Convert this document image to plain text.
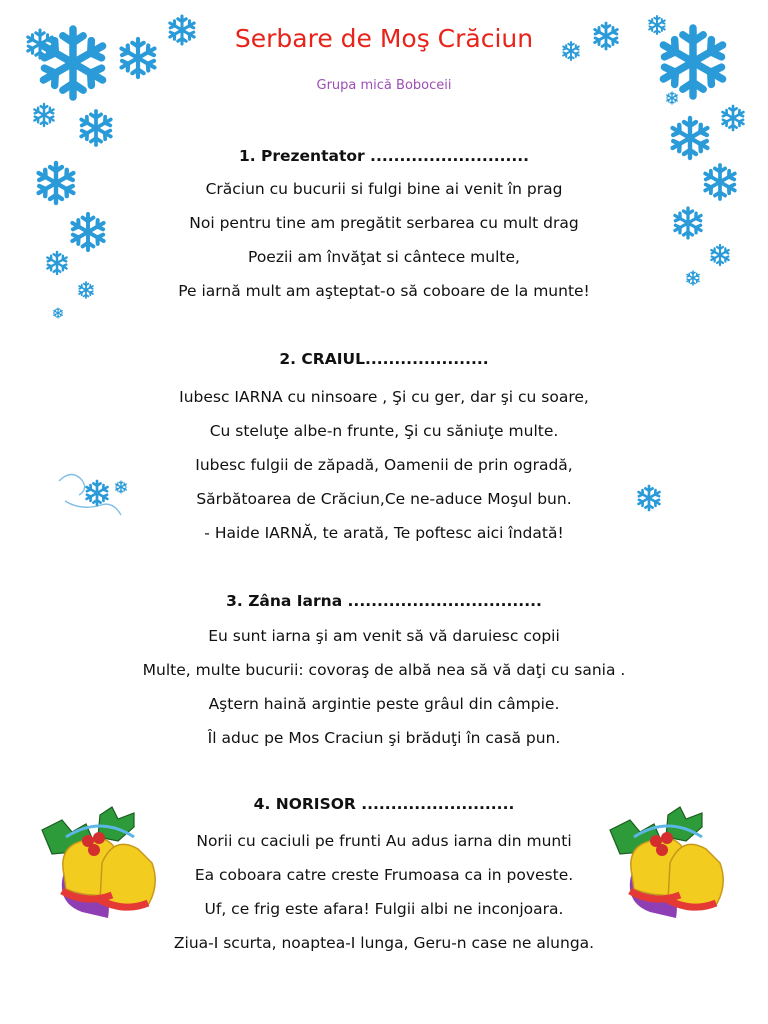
Serbare de Moş Crăciun
Grupa mică Boboceii
1. Prezentator ...........................
Crăciun cu bucurii si fulgi bine ai venit în prag
Noi pentru tine am pregătit serbarea cu mult drag
Poezii am învăţat si cântece multe,
Pe iarnă mult am aşteptat-o să coboare de la munte!
2. CRAIUL.....................
Iubesc IARNA cu ninsoare , Şi cu ger, dar şi cu soare,
Cu steluţe albe-n frunte, Şi cu săniuţe multe.
Iubesc fulgii de zăpadă, Oamenii de prin ogradă,
Sărbătoarea de Crăciun,Ce ne-aduce Moşul bun.
- Haide IARNĂ, te arată, Te poftesc aici îndată!
3. Zâna Iarna .................................
Eu sunt iarna şi am venit să vă daruiesc copii
Multe, multe bucurii: covoraş de albă nea să vă daţi cu sania .
Aştern haină argintie peste grâul din câmpie.
Îl aduc pe Mos Craciun şi brăduţi în casă pun.
4. NORISOR ..........................
Norii cu caciuli pe frunti Au adus iarna din munti
Ea coboara catre creste Frumoasa ca in poveste.
Uf, ce frig este afara! Fulgii albi ne inconjoara.
Ziua-I scurta, noaptea-I lunga, Geru-n case ne alunga.
